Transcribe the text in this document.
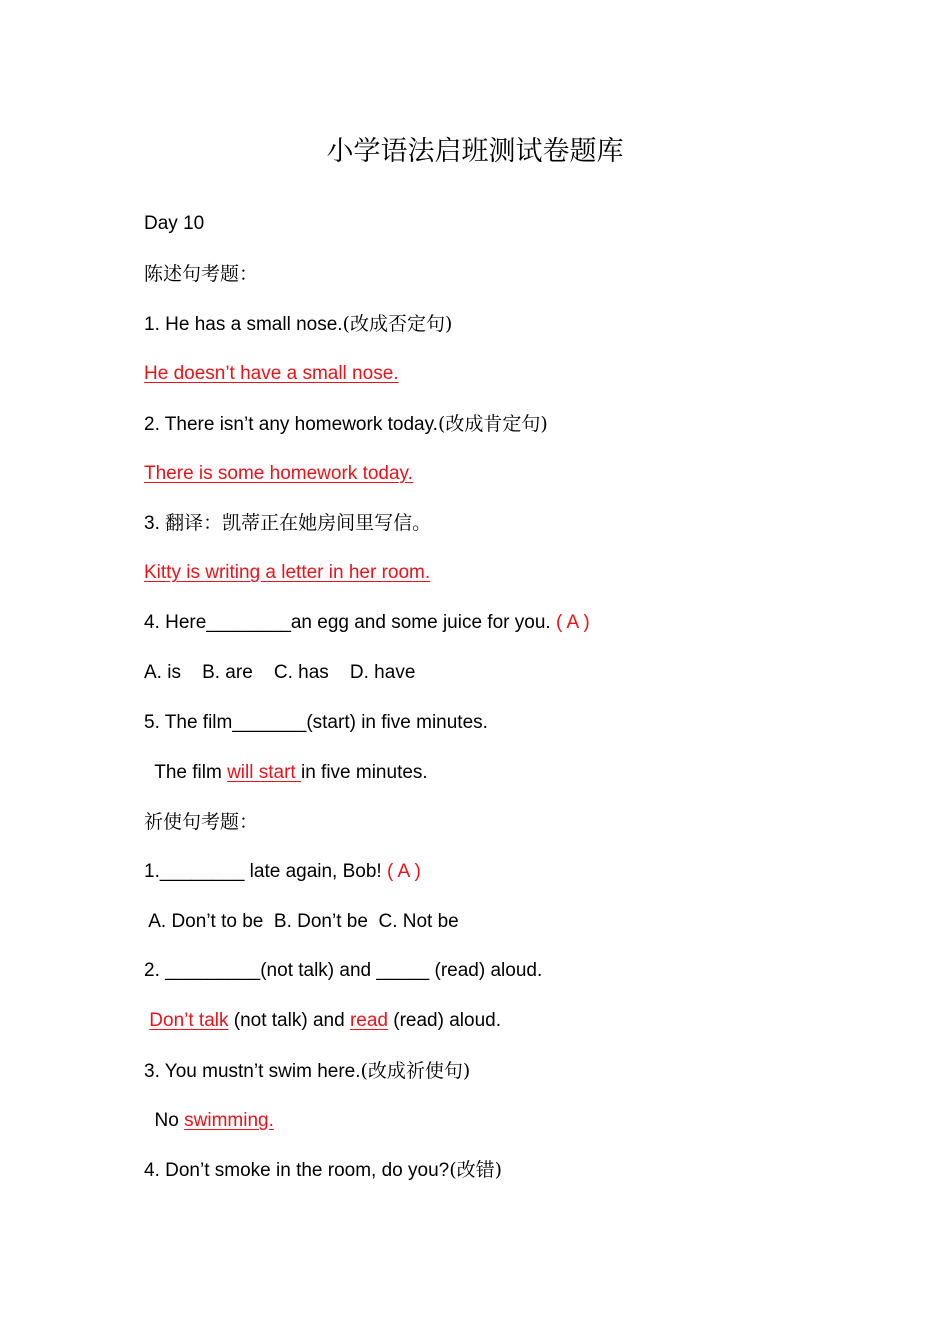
小学语法启班测试卷题库
Day 10
陈述句考题：
1. He has a small nose.(改成否定句)
He doesn’t have a small nose.
2. There isn’t any homework today.(改成肯定句)
There is some homework today.
3. 翻译：凯蒂正在她房间里写信。
Kitty is writing a letter in her room.
4. Here________an egg and some juice for you. ( A )
A. is    B. are    C. has    D. have
5. The film_______(start) in five minutes.
The film will start in five minutes.
祈使句考题：
1.________ late again, Bob! ( A )
A. Don’t to be  B. Don’t be  C. Not be
2. _________(not talk) and _____ (read) aloud.
Don’t talk (not talk) and read (read) aloud.
3. You mustn’t swim here.(改成祈使句)
No swimming.
4. Don’t smoke in the room, do you?(改错)
